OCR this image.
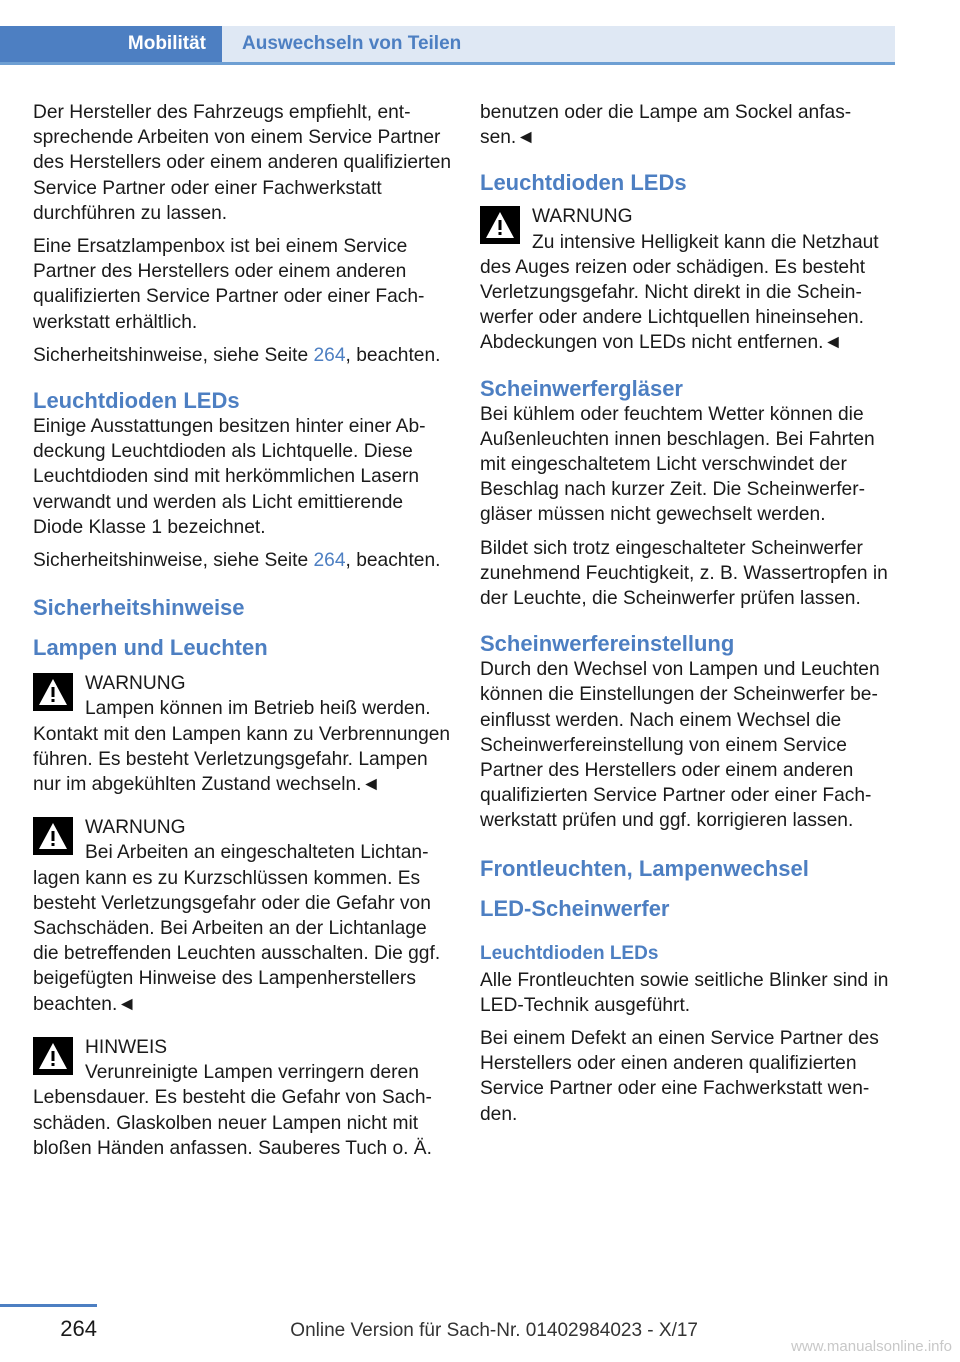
Mobilität	Auswechseln von Teilen

Der Hersteller des Fahrzeugs empfiehlt, entsprechende Arbeiten von einem Service Partner des Herstellers oder einem anderen qualifizierten Service Partner oder einer Fachwerkstatt durchführen zu lassen.

Eine Ersatzlampenbox ist bei einem Service Partner des Herstellers oder einem anderen qualifizierten Service Partner oder einer Fachwerkstatt erhältlich.

Sicherheitshinweise, siehe Seite 264, beachten.

Leuchtdioden LEDs

Einige Ausstattungen besitzen hinter einer Abdeckung Leuchtdioden als Lichtquelle. Diese Leuchtdioden sind mit herkömmlichen Lasern verwandt und werden als Licht emittierende Diode Klasse 1 bezeichnet.

Sicherheitshinweise, siehe Seite 264, beachten.

Sicherheitshinweise
Lampen und Leuchten
WARNUNG
Lampen können im Betrieb heiß werden. Kontakt mit den Lampen kann zu Verbrennungen führen. Es besteht Verletzungsgefahr. Lampen nur im abgekühlten Zustand wechseln.◄
WARNUNG
Bei Arbeiten an eingeschalteten Lichtanlagen kann es zu Kurzschlüssen kommen. Es besteht Verletzungsgefahr oder die Gefahr von Sachschäden. Bei Arbeiten an der Lichtanlage die betreffenden Leuchten ausschalten. Die ggf. beigefügten Hinweise des Lampenherstellers beachten.◄
HINWEIS
Verunreinigte Lampen verringern deren Lebensdauer. Es besteht die Gefahr von Sachschäden. Glaskolben neuer Lampen nicht mit bloßen Händen anfassen. Sauberes Tuch o. Ä.

benutzen oder die Lampe am Sockel anfassen.◄

Leuchtdioden LEDs
WARNUNG
Zu intensive Helligkeit kann die Netzhaut des Auges reizen oder schädigen. Es besteht Verletzungsgefahr. Nicht direkt in die Scheinwerfer oder andere Lichtquellen hineinsehen. Abdeckungen von LEDs nicht entfernen.◄
Scheinwerfergläser

Bei kühlem oder feuchtem Wetter können die Außenleuchten innen beschlagen. Bei Fahrten mit eingeschaltetem Licht verschwindet der Beschlag nach kurzer Zeit. Die Scheinwerfergläser müssen nicht gewechselt werden.

Bildet sich trotz eingeschalteter Scheinwerfer zunehmend Feuchtigkeit, z. B. Wassertropfen in der Leuchte, die Scheinwerfer prüfen lassen.

Scheinwerfereinstellung

Durch den Wechsel von Lampen und Leuchten können die Einstellungen der Scheinwerfer beeinflusst werden. Nach einem Wechsel die Scheinwerfereinstellung von einem Service Partner des Herstellers oder einem anderen qualifizierten Service Partner oder einer Fachwerkstatt prüfen und ggf. korrigieren lassen.

Frontleuchten, Lampenwechsel
LED-Scheinwerfer
Leuchtdioden LEDs

Alle Frontleuchten sowie seitliche Blinker sind in LED-Technik ausgeführt.

Bei einem Defekt an einen Service Partner des Herstellers oder einen anderen qualifizierten Service Partner oder eine Fachwerkstatt wenden.

264	Online Version für Sach-Nr. 01402984023 - X/17
www.manualsonline.info
